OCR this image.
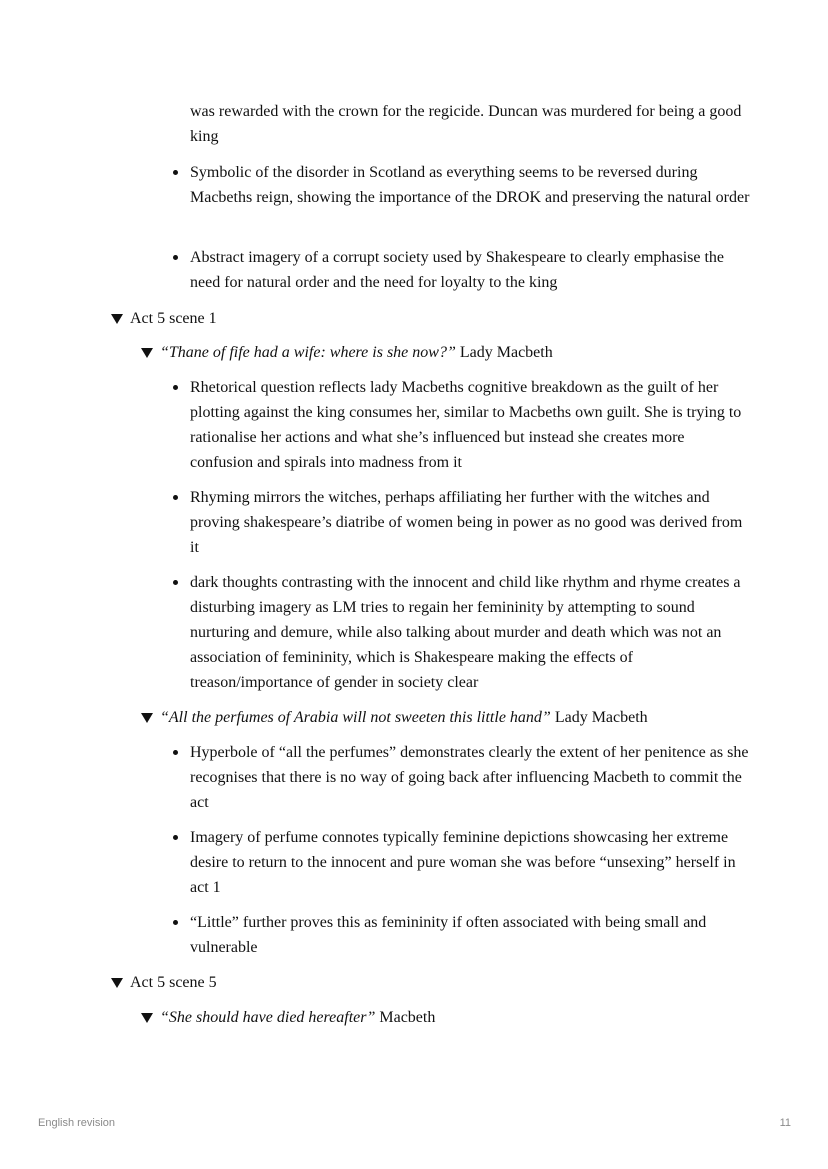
was rewarded with the crown for the regicide. Duncan was murdered for being a good king

Symbolic of the disorder in Scotland as everything seems to be reversed during Macbeths reign, showing the importance of the DROK and preserving the natural order

Abstract imagery of a corrupt society used by Shakespeare to clearly emphasise the need for natural order and the need for loyalty to the king

Act 5 scene 1

“Thane of fife had a wife: where is she now?” Lady Macbeth

Rhetorical question reflects lady Macbeths cognitive breakdown as the guilt of her plotting against the king consumes her, similar to Macbeths own guilt. She is trying to rationalise her actions and what she’s influenced but instead she creates more confusion and spirals into madness from it

Rhyming mirrors the witches, perhaps affiliating her further with the witches and proving shakespeare’s diatribe of women being in power as no good was derived from it

dark thoughts contrasting with the innocent and child like rhythm and rhyme creates a disturbing imagery as LM tries to regain her femininity by attempting to sound nurturing and demure, while also talking about murder and death which was not an association of femininity, which is Shakespeare making the effects of treason/importance of gender in society clear

“All the perfumes of Arabia will not sweeten this little hand” Lady Macbeth

Hyperbole of “all the perfumes” demonstrates clearly the extent of her penitence as she recognises that there is no way of going back after influencing Macbeth to commit the act

Imagery of perfume connotes typically feminine depictions showcasing her extreme desire to return to the innocent and pure woman she was before “unsexing” herself in act 1

“Little” further proves this as femininity if often associated with being small and vulnerable

Act 5 scene 5

“She should have died hereafter” Macbeth

English revision	11
